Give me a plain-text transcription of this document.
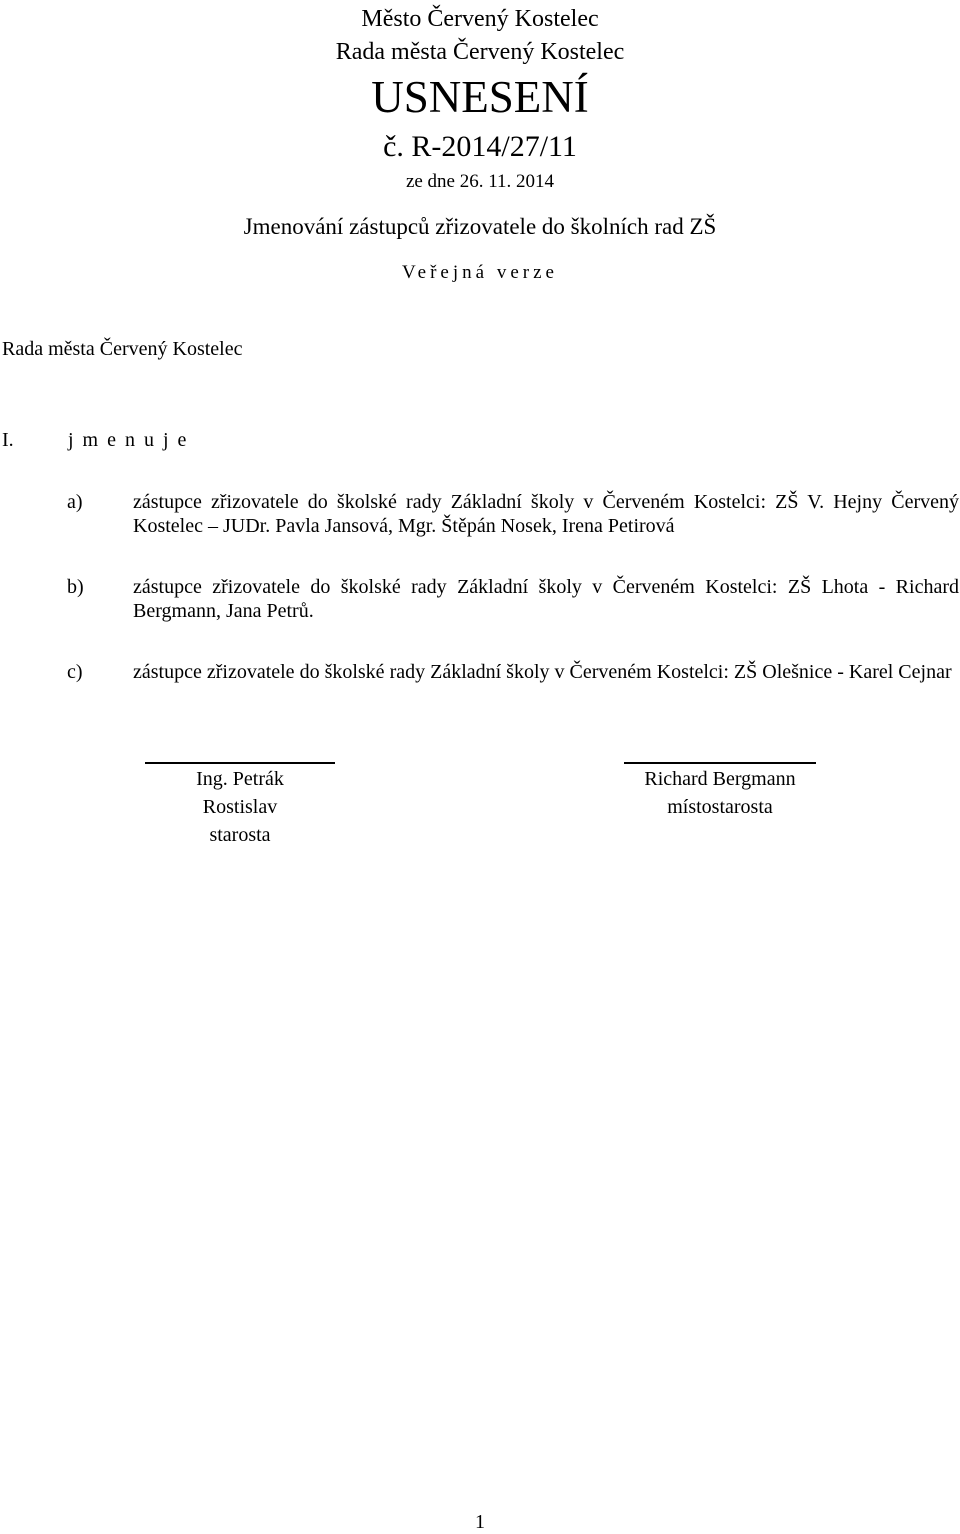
Město Červený Kostelec
Rada města Červený Kostelec
USNESENÍ
č. R-2014/27/11
ze dne 26. 11. 2014
Jmenování zástupců zřizovatele do školních rad ZŠ
Veřejná verze
Rada města Červený Kostelec
I.	jmenuje
a)	zástupce zřizovatele do školské rady Základní školy v Červeném Kostelci: ZŠ V. Hejny Červený Kostelec – JUDr. Pavla Jansová, Mgr. Štěpán Nosek, Irena Petirová
b) zástupce zřizovatele do školské rady Základní školy v Červeném Kostelci: ZŠ Lhota - Richard Bergmann, Jana Petrů.
c)	zástupce zřizovatele do školské rady Základní školy v Červeném Kostelci: ZŠ Olešnice - Karel Cejnar
Ing. Petrák
Rostislav
starosta
Richard Bergmann
místostarosta
1
